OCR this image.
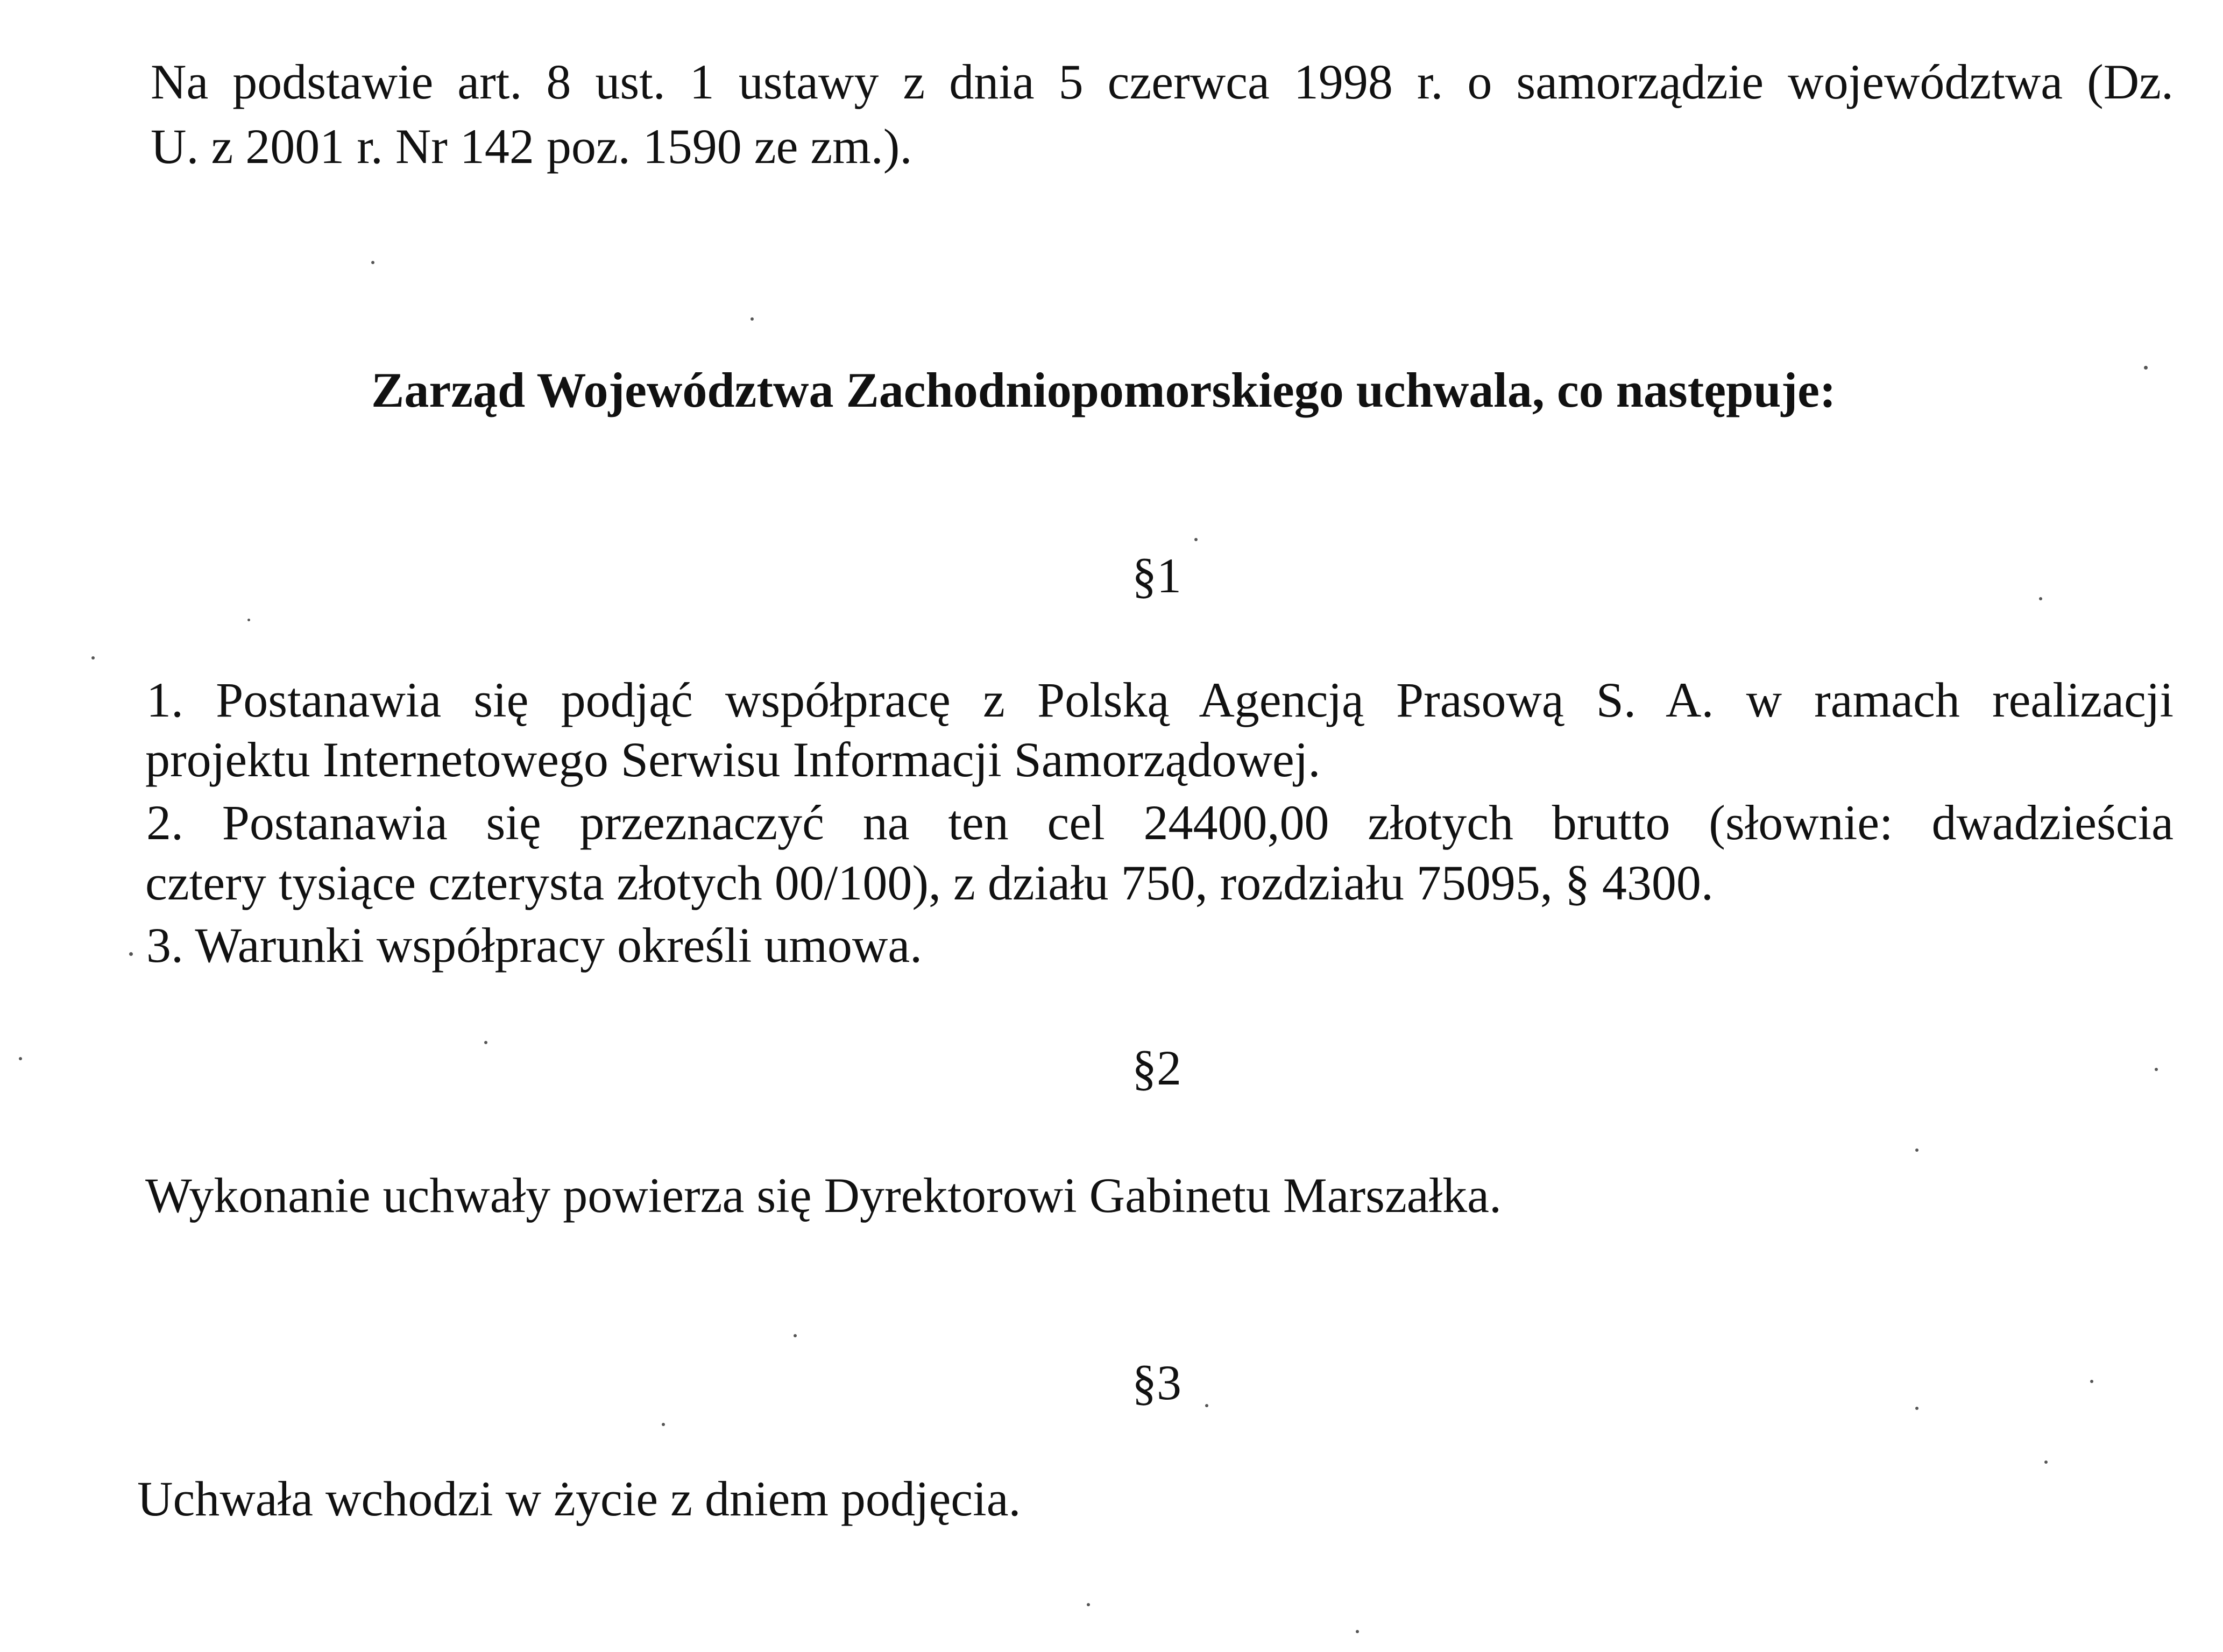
Na podstawie art. 8 ust. 1 ustawy z dnia 5 czerwca 1998 r. o samorządzie województwa (Dz.
U. z 2001 r. Nr 142 poz. 1590 ze zm.).
Zarząd Województwa Zachodniopomorskiego uchwala, co następuje:
§1
1. Postanawia się podjąć współpracę z Polską Agencją Prasową S. A. w ramach realizacji
projektu Internetowego Serwisu Informacji Samorządowej.
2. Postanawia się przeznaczyć na ten cel 24400,00 złotych brutto (słownie: dwadzieścia
cztery tysiące czterysta złotych 00/100), z działu 750, rozdziału 75095, § 4300.
3. Warunki współpracy określi umowa.
§2
Wykonanie uchwały powierza się Dyrektorowi Gabinetu Marszałka.
§3
Uchwała wchodzi w życie z dniem podjęcia.
